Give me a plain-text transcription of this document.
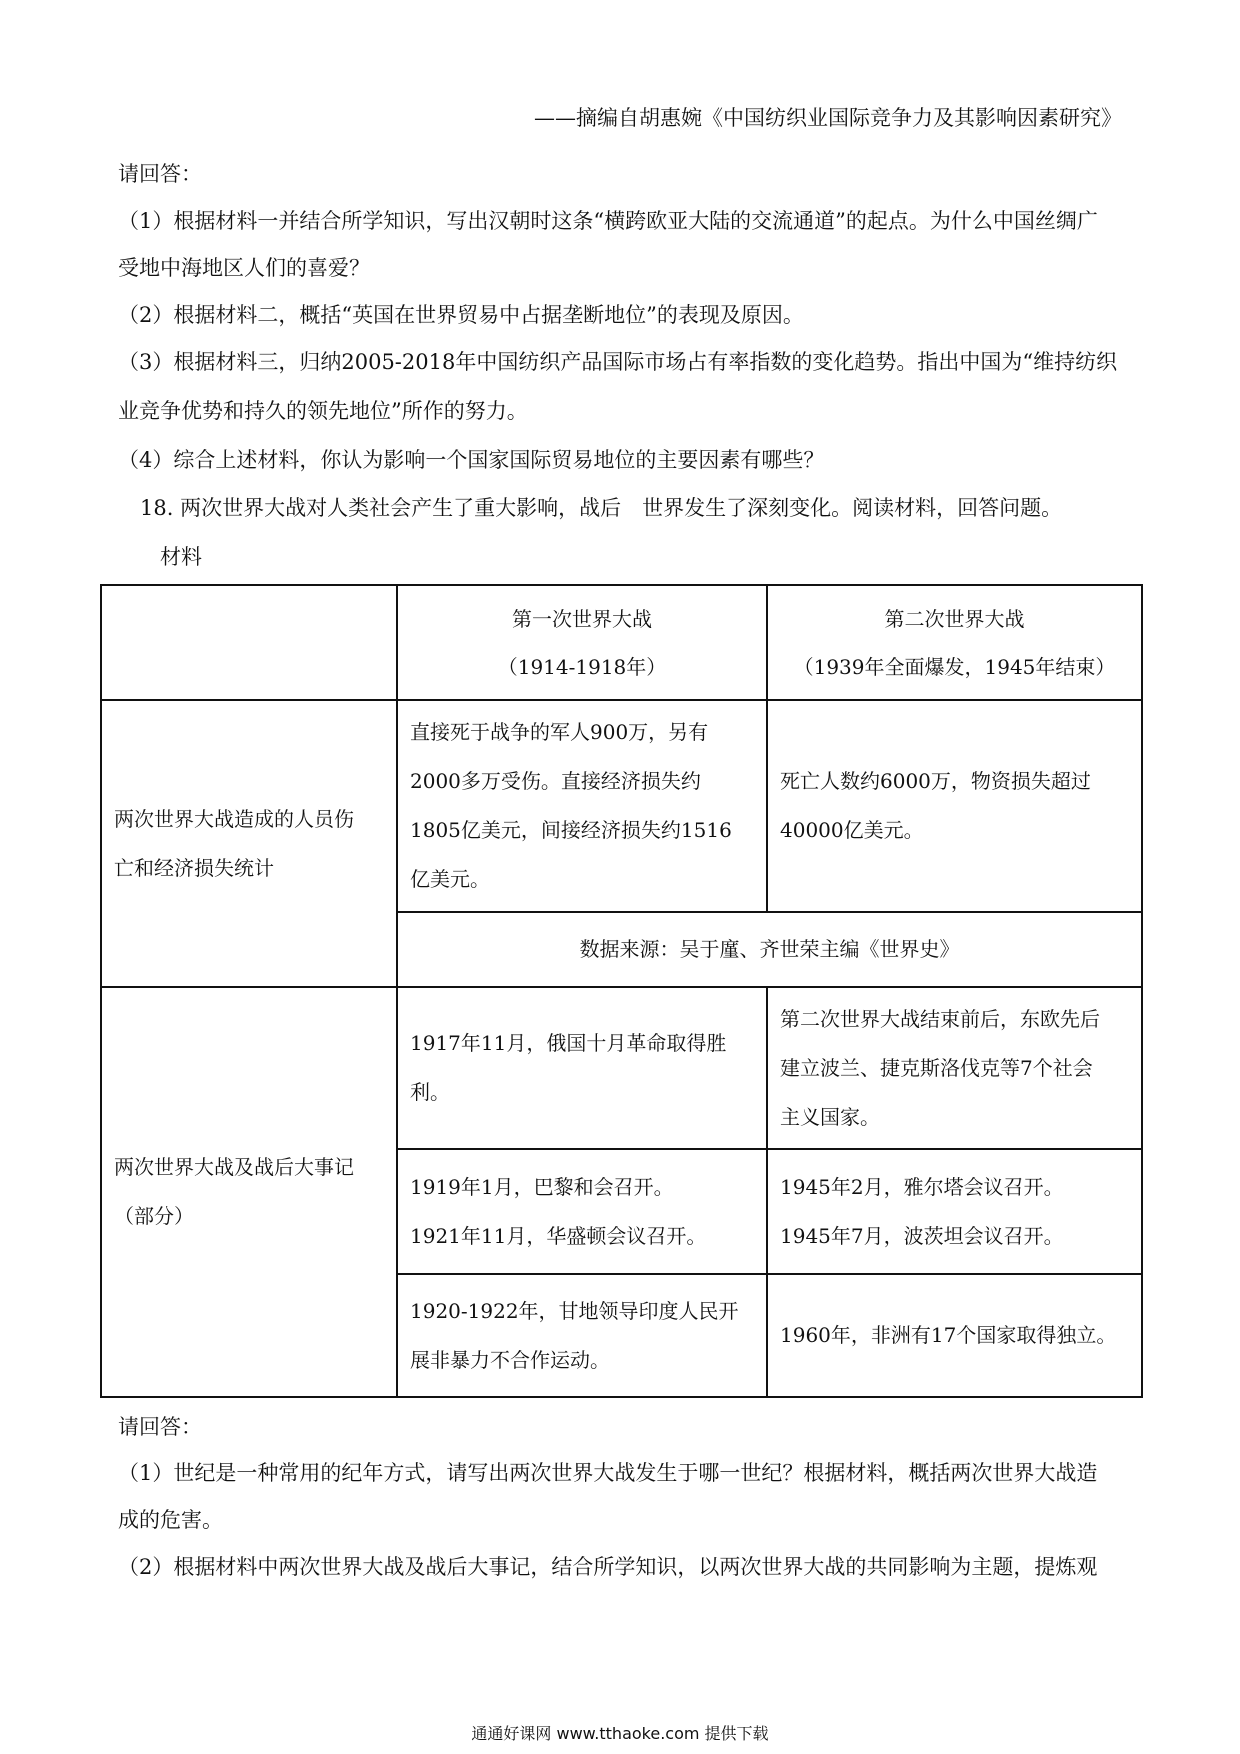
——摘编自胡惠婉《中国纺织业国际竞争力及其影响因素研究》
请回答：
（1）根据材料一并结合所学知识，写出汉朝时这条“横跨欧亚大陆的交流通道”的起点。为什么中国丝绸广
受地中海地区人们的喜爱？
（2）根据材料二，概括“英国在世界贸易中占据垄断地位”的表现及原因。
（3）根据材料三，归纳2005-2018年中国纺织产品国际市场占有率指数的变化趋势。指出中国为“维持纺织
业竞争优势和持久的领先地位”所作的努力。
（4）综合上述材料，你认为影响一个国家国际贸易地位的主要因素有哪些？
18. 两次世界大战对人类社会产生了重大影响，战后　世界发生了深刻变化。阅读材料，回答问题。
材料

	第一次世界大战
（1914-1918年）	第二次世界大战
（1939年全面爆发，1945年结束）

两次世界大战造成的人员伤
亡和经济损失统计	直接死于战争的军人900万，另有
2000多万受伤。直接经济损失约
1805亿美元，间接经济损失约1516
亿美元。	死亡人数约6000万，物资损失超过
40000亿美元。

	数据来源：吴于廑、齐世荣主编《世界史》	

两次世界大战及战后大事记
（部分）	1917年11月，俄国十月革命取得胜
利。	第二次世界大战结束前后，东欧先后
建立波兰、捷克斯洛伐克等7个社会
主义国家。

	1919年1月，巴黎和会召开。
1921年11月，华盛顿会议召开。	1945年2月，雅尔塔会议召开。
1945年7月，波茨坦会议召开。

	1920-1922年，甘地领导印度人民开
展非暴力不合作运动。	1960年，非洲有17个国家取得独立。
请回答：
（1）世纪是一种常用的纪年方式，请写出两次世界大战发生于哪一世纪？根据材料，概括两次世界大战造
成的危害。
（2）根据材料中两次世界大战及战后大事记，结合所学知识，以两次世界大战的共同影响为主题，提炼观
通通好课网 www.tthaoke.com 提供下载
